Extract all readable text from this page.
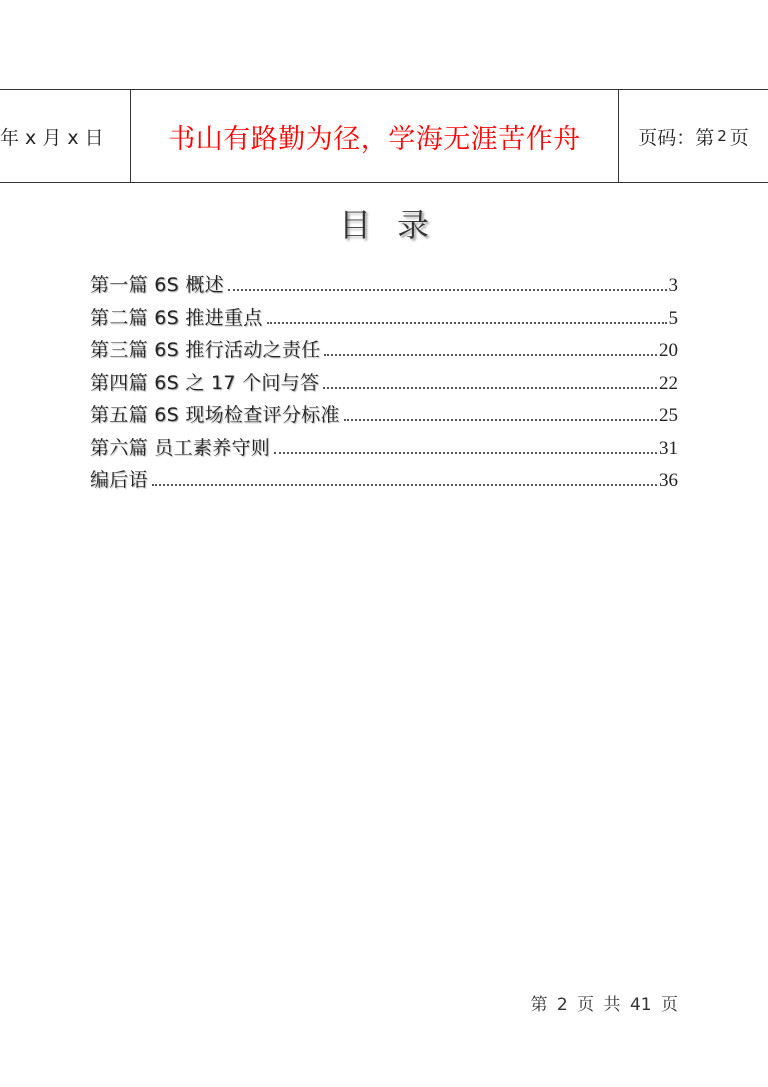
年 x 月 x 日	书山有路勤为径，学海无涯苦作舟	页码：第 2 页
目录
第一篇 6S 概述	3
第二篇 6S 推进重点	5
第三篇 6S 推行活动之责任	20
第四篇 6S 之 17 个问与答	22
第五篇 6S 现场检查评分标准	25
第六篇 员工素养守则	31
编后语	36
第 2 页 共 41 页
